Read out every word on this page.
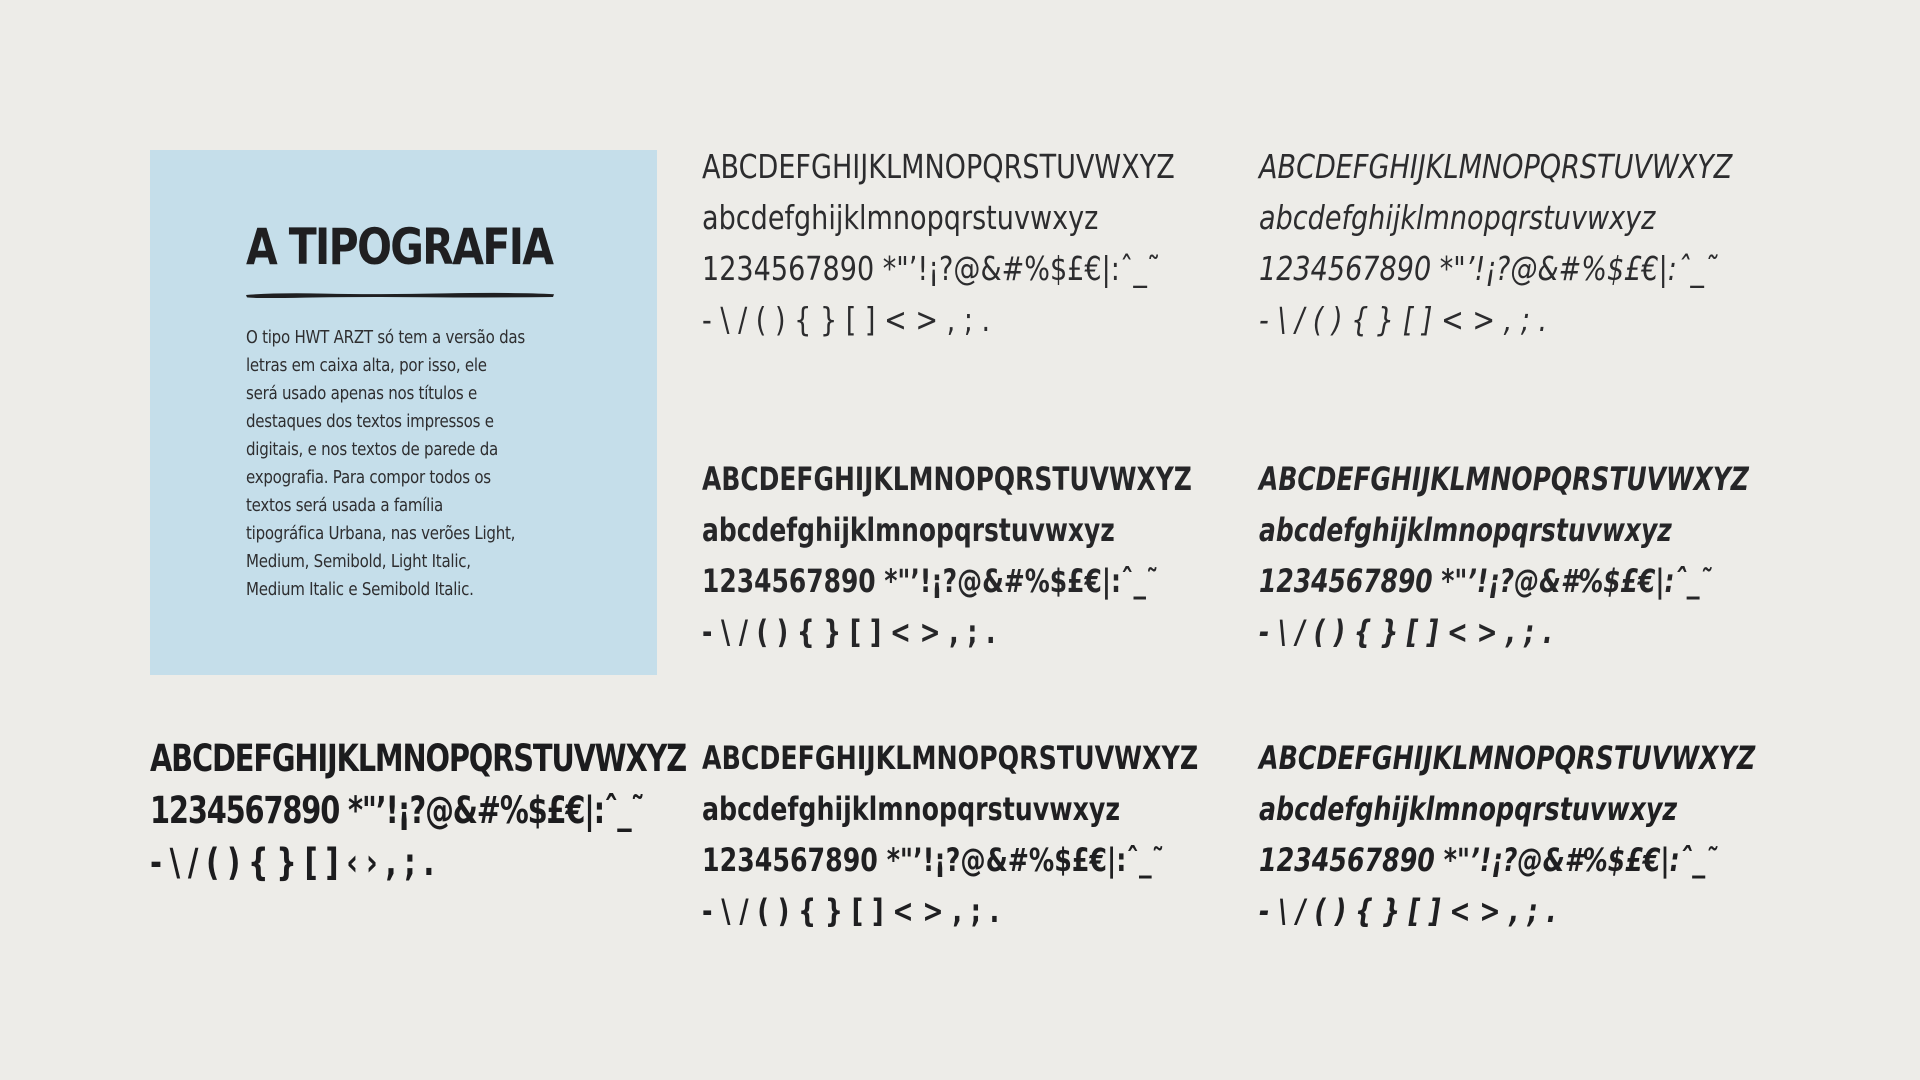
A TIPOGRAFIA

O tipo HWT ARZT só tem a versão das
letras em caixa alta, por isso, ele
será usado apenas nos títulos e
destaques dos textos impressos e
digitais, e nos textos de parede da
expografia. Para compor todos os
textos será usada a família
tipográfica Urbana, nas verões Light,
Medium, Semibold, Light Italic,
Medium Italic e Semibold Italic.

ABCDEFGHIJKLMNOPQRSTUVWXYZ
abcdefghijklmnopqrstuvwxyz
1234567890 *"’!¡?@&#%$£€|:ˆ_˜
- \ / ( ) { } [ ] < > , ; .
ABCDEFGHIJKLMNOPQRSTUVWXYZ
abcdefghijklmnopqrstuvwxyz
1234567890 *"’!¡?@&#%$£€|:ˆ_˜
- \ / ( ) { } [ ] < > , ; .
ABCDEFGHIJKLMNOPQRSTUVWXYZ
abcdefghijklmnopqrstuvwxyz
1234567890 *"’!¡?@&#%$£€|:ˆ_˜
- \ / ( ) { } [ ] < > , ; .
ABCDEFGHIJKLMNOPQRSTUVWXYZ
abcdefghijklmnopqrstuvwxyz
1234567890 *"’!¡?@&#%$£€|:ˆ_˜
- \ / ( ) { } [ ] < > , ; .
ABCDEFGHIJKLMNOPQRSTUVWXYZ
1234567890 *"’!¡?@&#%$£€|:ˆ_˜
- \ / ( ) { } [ ] ‹ › , ; .
ABCDEFGHIJKLMNOPQRSTUVWXYZ
abcdefghijklmnopqrstuvwxyz
1234567890 *"’!¡?@&#%$£€|:ˆ_˜
- \ / ( ) { } [ ] < > , ; .
ABCDEFGHIJKLMNOPQRSTUVWXYZ
abcdefghijklmnopqrstuvwxyz
1234567890 *"’!¡?@&#%$£€|:ˆ_˜
- \ / ( ) { } [ ] < > , ; .
